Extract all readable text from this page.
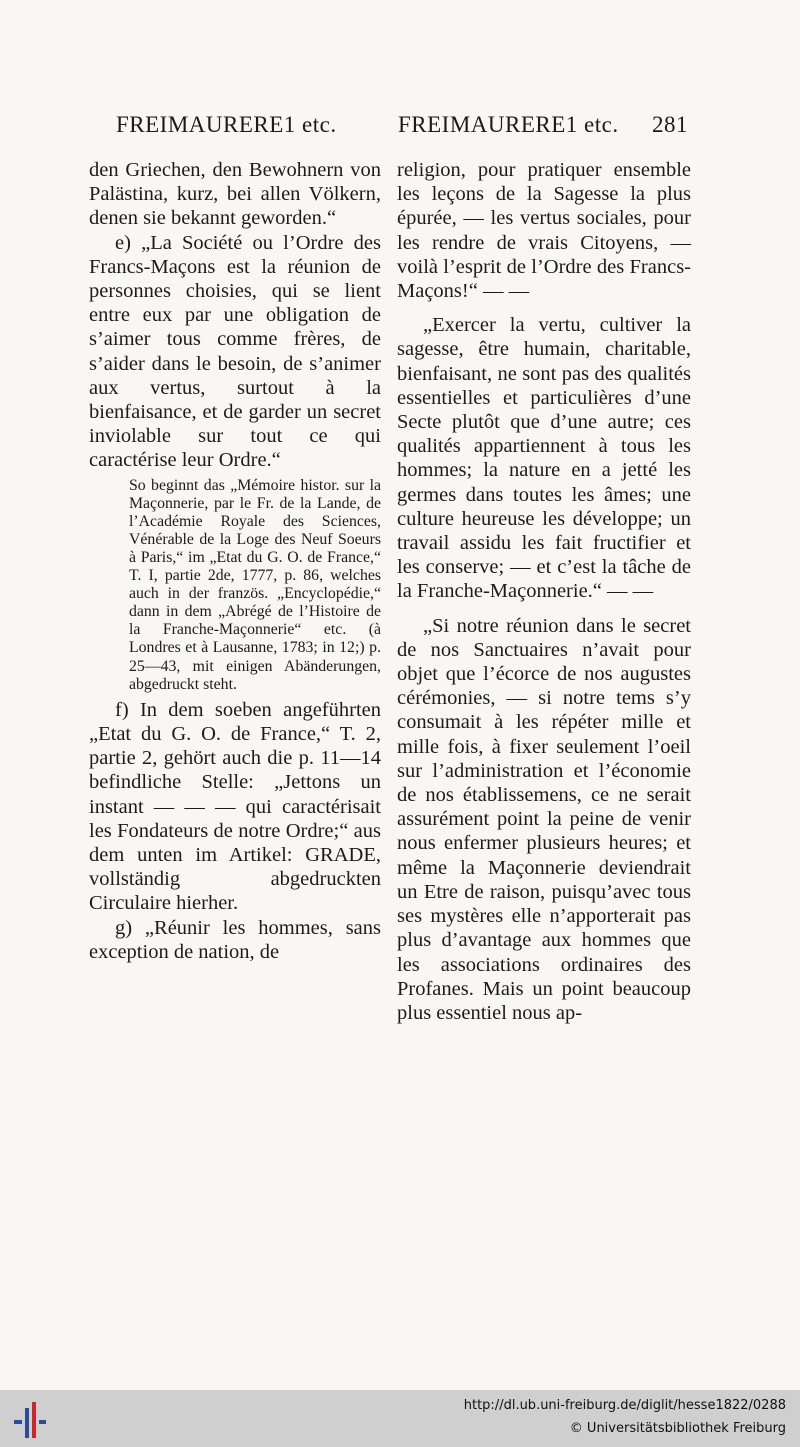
FREIMAURERE1 etc.	FREIMAURERE1 etc. 281

den Griechen, den Bewohnern von Palästina, kurz, bei allen Völkern, denen sie bekannt geworden.“

e) „La Société ou l’Ordre des Francs-Maçons est la réunion de personnes choisies, qui se lient entre eux par une obligation de s’aimer tous comme frères, de s’aider dans le besoin, de s’animer aux vertus, surtout à la bienfaisance, et de garder un secret inviolable sur tout ce qui caractérise leur Ordre.“

So beginnt das „Mémoire histor. sur la Maçonnerie, par le Fr. de la Lande, de l’Académie Royale des Sciences, Vénérable de la Loge des Neuf Soeurs à Paris,“ im „Etat du G. O. de France,“ T. I, partie 2de, 1777, p. 86, welches auch in der französ. „Encyclopédie,“ dann in dem „Abrégé de l’Histoire de la Franche-Maçonnerie“ etc. (à Londres et à Lausanne, 1783; in 12;) p. 25—43, mit einigen Abänderungen, abgedruckt steht.

f) In dem soeben angeführten „Etat du G. O. de France,“ T. 2, partie 2, gehört auch die p. 11—14 befindliche Stelle: „Jettons un instant — — — qui caractérisait les Fondateurs de notre Ordre;“ aus dem unten im Artikel: GRADE, vollständig abgedruckten Circulaire hierher.

g) „Réunir les hommes, sans exception de nation, de

religion, pour pratiquer ensemble les leçons de la Sagesse la plus épurée, — les vertus sociales, pour les rendre de vrais Citoyens, — voilà l’esprit de l’Ordre des Francs-Maçons!“ — —

„Exercer la vertu, cultiver la sagesse, être humain, charitable, bienfaisant, ne sont pas des qualités essentielles et particulières d’une Secte plutôt que d’une autre; ces qualités appartiennent à tous les hommes; la nature en a jetté les germes dans toutes les âmes; une culture heureuse les développe; un travail assidu les fait fructifier et les conserve; — et c’est la tâche de la Franche-Maçonnerie.“ — —

„Si notre réunion dans le secret de nos Sanctuaires n’avait pour objet que l’écorce de nos augustes cérémonies, — si notre tems s’y consumait à les répéter mille et mille fois, à fixer seulement l’oeil sur l’administration et l’économie de nos établissemens, ce ne serait assurément point la peine de venir nous enfermer plusieurs heures; et même la Maçonnerie deviendrait un Etre de raison, puisqu’avec tous ses mystères elle n’apporterait pas plus d’avantage aux hommes que les associations ordinaires des Profanes. Mais un point beaucoup plus essentiel nous ap-

http://dl.ub.uni-freiburg.de/diglit/hesse1822/0288
© Universitätsbibliothek Freiburg
